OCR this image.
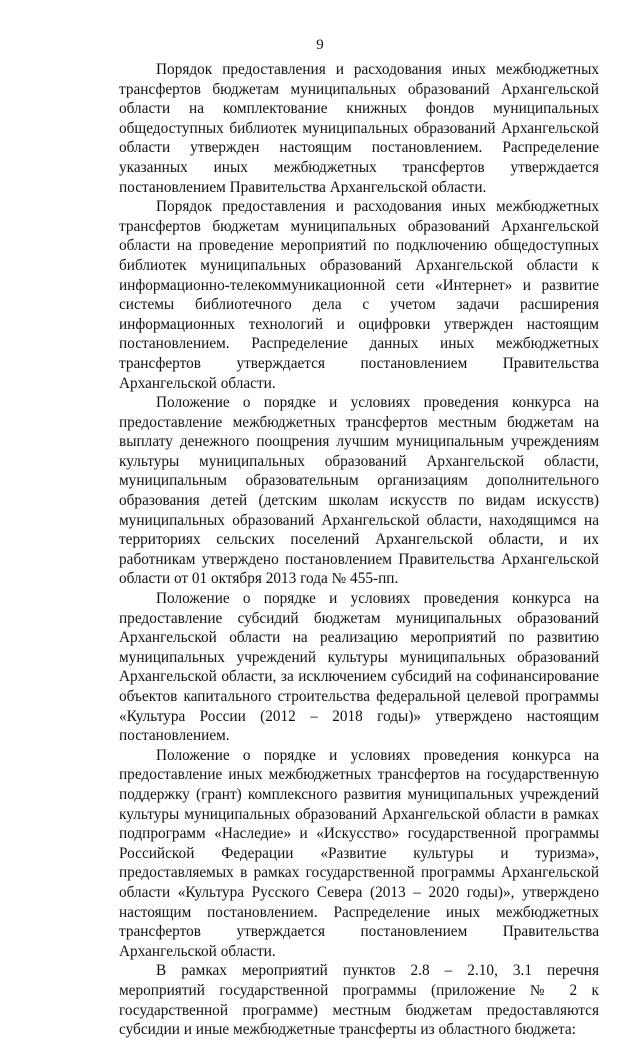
9

Порядок предоставления и расходования иных межбюджетных трансфертов бюджетам муниципальных образований Архангельской области на комплектование книжных фондов муниципальных общедоступных библиотек муниципальных образований Архангельской области утвержден настоящим постановлением. Распределение указанных иных межбюджетных трансфертов утверждается постановлением Правительства Архангельской области.

Порядок предоставления и расходования иных межбюджетных трансфертов бюджетам муниципальных образований Архангельской области на проведение мероприятий по подключению общедоступных библиотек муниципальных образований Архангельской области к информационно-телекоммуникационной сети «Интернет» и развитие системы библиотечного дела с учетом задачи расширения информационных технологий и оцифровки утвержден настоящим постановлением. Распределение данных иных межбюджетных трансфертов утверждается постановлением Правительства Архангельской области.

Положение о порядке и условиях проведения конкурса на предоставление межбюджетных трансфертов местным бюджетам на выплату денежного поощрения лучшим муниципальным учреждениям культуры муниципальных образований Архангельской области, муниципальным образовательным организациям дополнительного образования детей (детским школам искусств по видам искусств) муниципальных образований Архангельской области, находящимся на территориях сельских поселений Архангельской области, и их работникам утверждено постановлением Правительства Архангельской области от 01 октября 2013 года № 455-пп.

Положение о порядке и условиях проведения конкурса на предоставление субсидий бюджетам муниципальных образований Архангельской области на реализацию мероприятий по развитию муниципальных учреждений культуры муниципальных образований Архангельской области, за исключением субсидий на софинансирование объектов капитального строительства федеральной целевой программы «Культура России (2012 – 2018 годы)» утверждено настоящим постановлением.

Положение о порядке и условиях проведения конкурса на предоставление иных межбюджетных трансфертов на государственную поддержку (грант) комплексного развития муниципальных учреждений культуры муниципальных образований Архангельской области в рамках подпрограмм «Наследие» и «Искусство» государственной программы Российской Федерации «Развитие культуры и туризма», предоставляемых в рамках государственной программы Архангельской области «Культура Русского Севера (2013 – 2020 годы)», утверждено настоящим постановлением. Распределение иных межбюджетных трансфертов утверждается постановлением Правительства Архангельской области.

В рамках мероприятий пунктов 2.8 – 2.10, 3.1 перечня мероприятий государственной программы (приложение № 2 к государственной программе) местным бюджетам предоставляются субсидии и иные межбюджетные трансферты из областного бюджета:
